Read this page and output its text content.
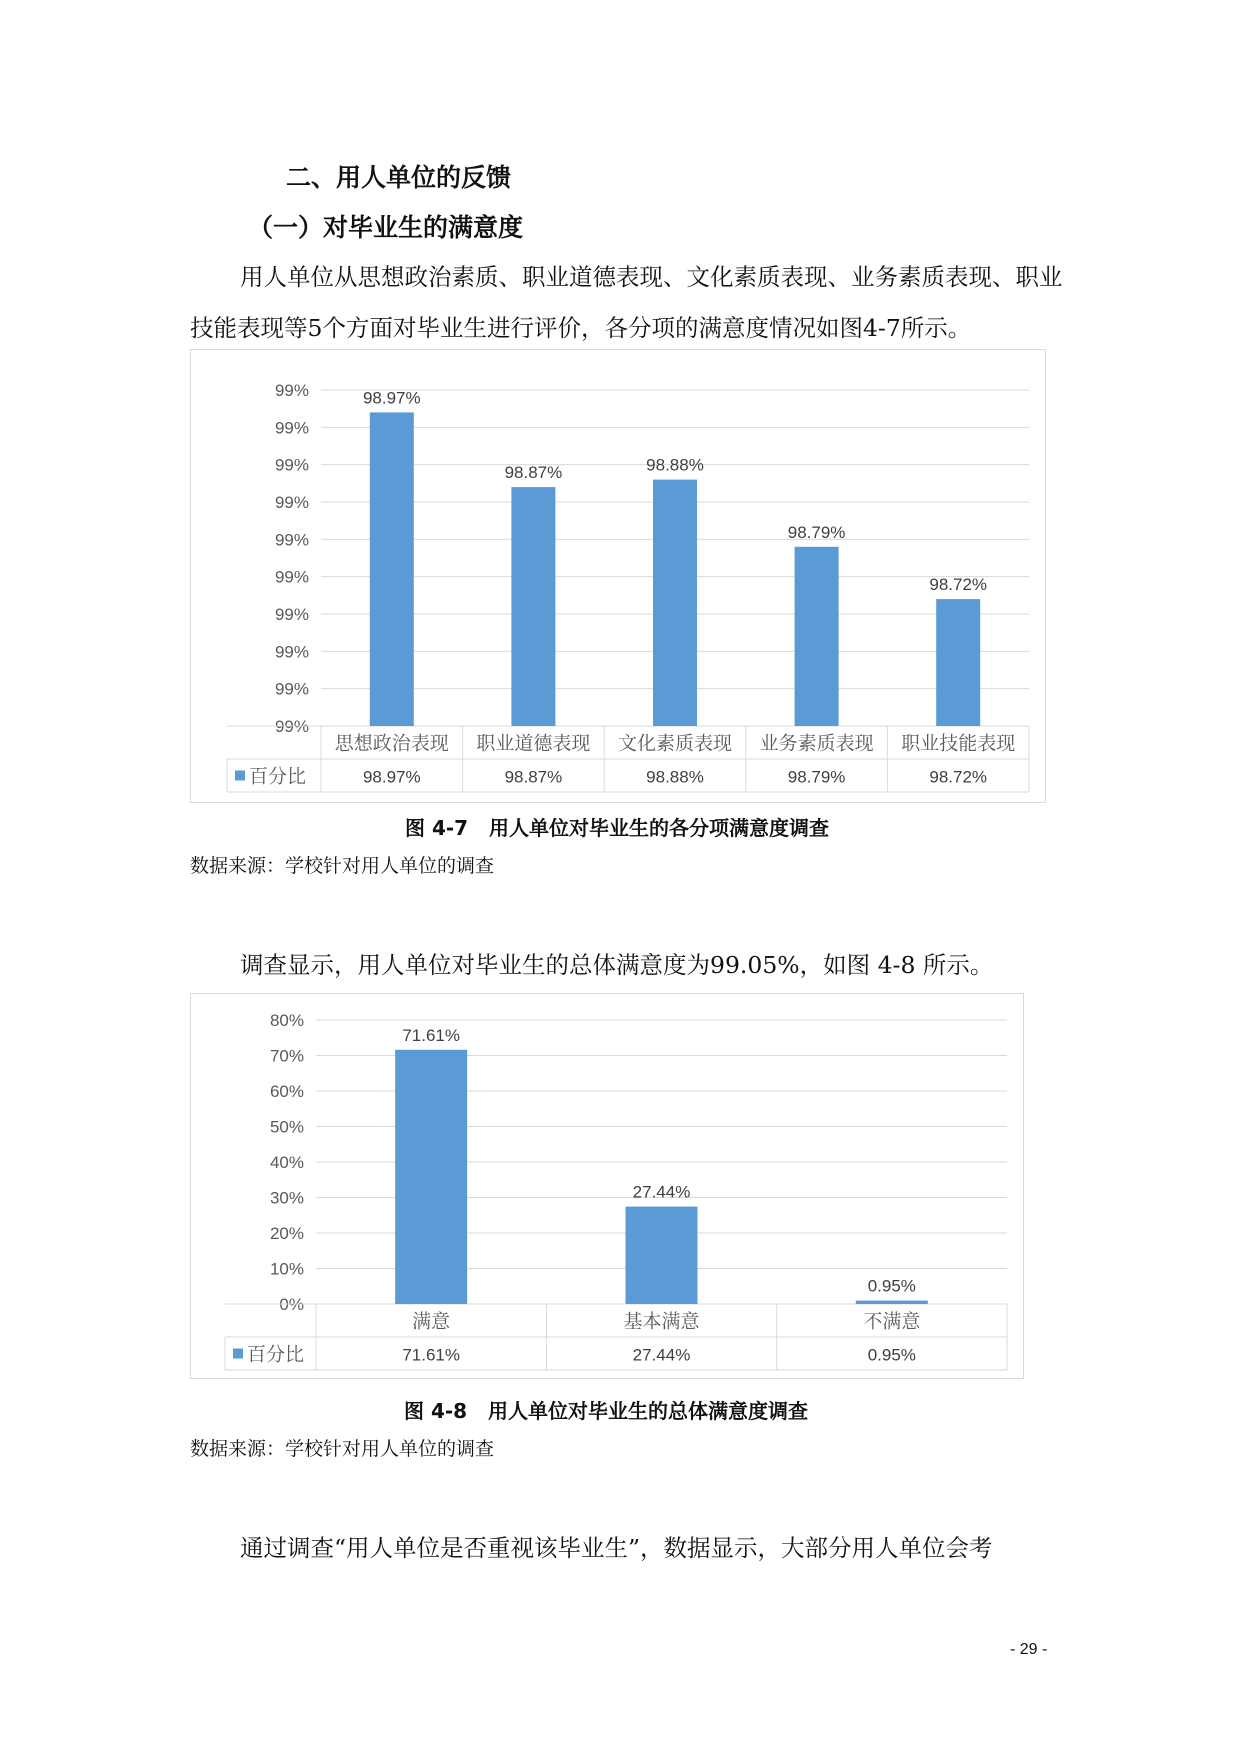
二、用人单位的反馈
（一）对毕业生的满意度
用人单位从思想政治素质、职业道德表现、文化素质表现、业务素质表现、职业技能表现等5个方面对毕业生进行评价，各分项的满意度情况如图4-7所示。
99%
99%
99%
99%
99%
99%
99%
99%
99%
99%
百分比
98.97%
思想政治表现
98.97%
98.87%
职业道德表现
98.87%
98.88%
文化素质表现
98.88%
98.79%
业务素质表现
98.79%
98.72%
职业技能表现
98.72%
图 4-7   用人单位对毕业生的各分项满意度调查
数据来源：学校针对用人单位的调查
调查显示，用人单位对毕业生的总体满意度为99.05%，如图 4-8 所示。
0%
10%
20%
30%
40%
50%
60%
70%
80%
百分比
71.61%
满意
71.61%
27.44%
基本满意
27.44%
0.95%
不满意
0.95%
图 4-8   用人单位对毕业生的总体满意度调查
数据来源：学校针对用人单位的调查
通过调查“用人单位是否重视该毕业生”，数据显示，大部分用人单位会考
- 29 -
